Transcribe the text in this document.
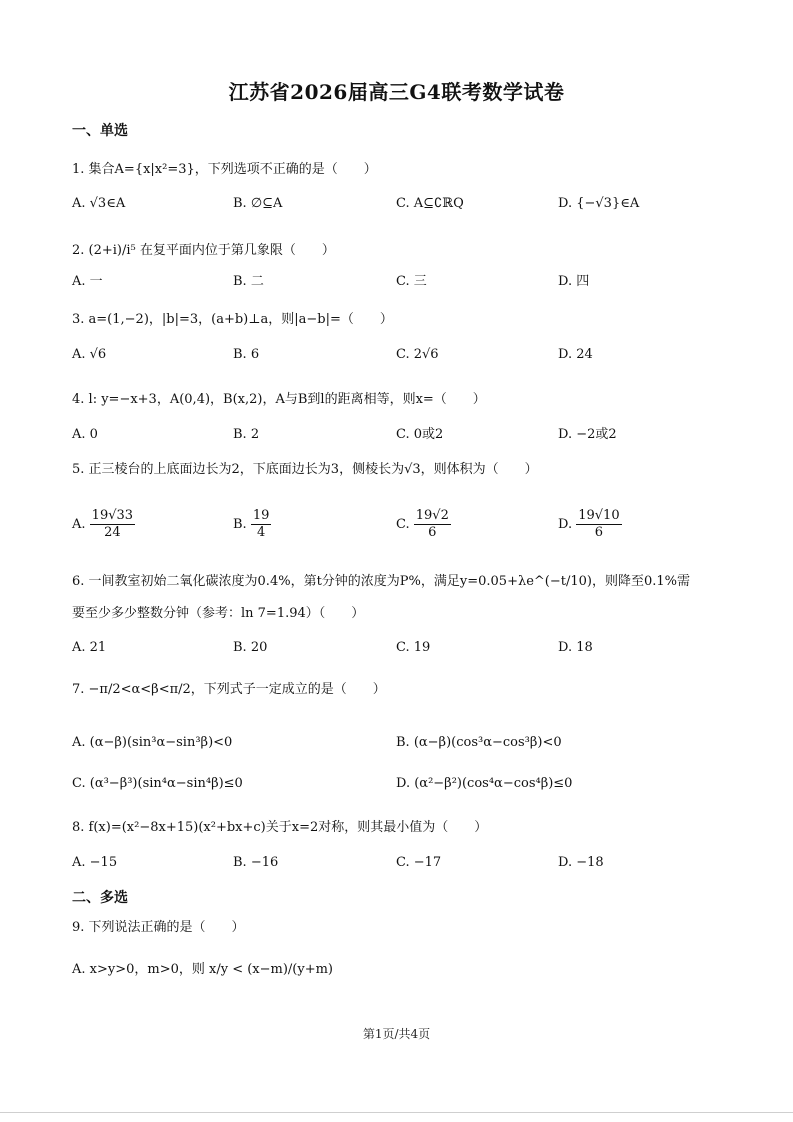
江苏省2026届高三G4联考数学试卷
一、单选
1. 集合A={x|x²=3}，下列选项不正确的是（　　）
A. √3∈A	B. ∅⊆A	C. A⊆∁ℝQ	D. {−√3}∈A
2. (2+i)/i⁵ 在复平面内位于第几象限（　　）
A. 一	B. 二	C. 三	D. 四
3. a=(1,−2)，|b|=3，(a+b)⊥a，则|a−b|=（　　）
A. √6	B. 6	C. 2√6	D. 24
4. l: y=−x+3，A(0,4)，B(x,2)，A与B到l的距离相等，则x=（　　）
A. 0	B. 2	C. 0或2	D. −2或2
5. 正三棱台的上底面边长为2，下底面边长为3，侧棱长为√3，则体积为（　　）
A. $\frac{19√33}{24}$	B. $\frac{19}{4}$	C. $\frac{19√2}{6}$	D. $\frac{19√10}{6}$
6. 一间教室初始二氧化碳浓度为0.4%，第t分钟的浓度为P%，满足y=0.05+λe^(−t/10)，则降至0.1%需
要至少多少整数分钟（参考：ln 7=1.94）（　　）
A. 21	B. 20	C. 19	D. 18
7. −π/2<α<β<π/2，下列式子一定成立的是（　　）
A. (α−β)(sin³α−sin³β)<0	B. (α−β)(cos³α−cos³β)<0
C. (α³−β³)(sin⁴α−sin⁴β)≤0	D. (α²−β²)(cos⁴α−cos⁴β)≤0
8. f(x)=(x²−8x+15)(x²+bx+c)关于x=2对称，则其最小值为（　　）
A. −15	B. −16	C. −17	D. −18
二、多选
9. 下列说法正确的是（　　）
A. x>y>0，m>0，则 x/y < (x−m)/(y+m)
第1页/共4页
